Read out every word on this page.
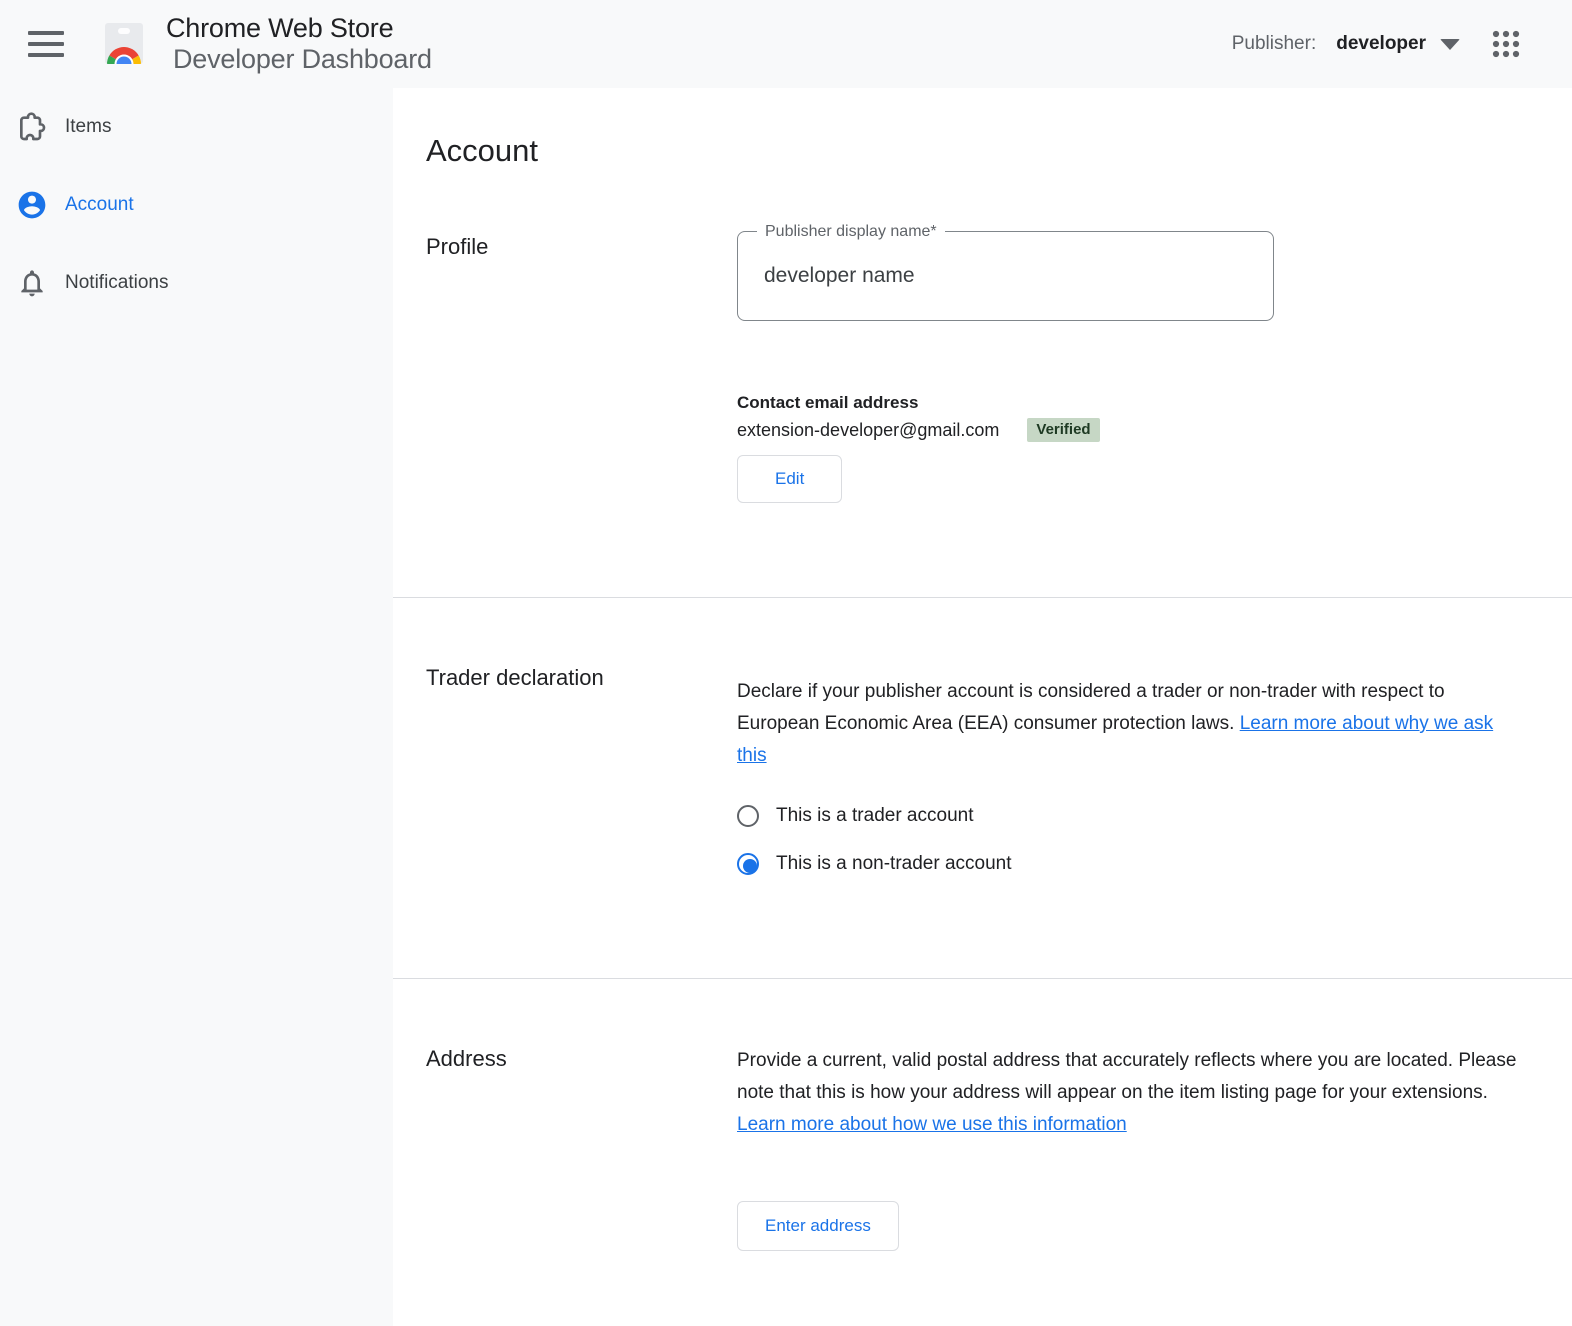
Chrome Web Store
Developer Dashboard
Publisher: developer
Items
Account
Notifications
Account
Profile
Publisher display name*
developer name
Contact email address
extension-developer@gmail.com	Verified
Edit
Trader declaration

Declare if your publisher account is considered a trader or non-trader with respect to European Economic Area (EEA) consumer protection laws. Learn more about why we ask this

This is a trader account
This is a non-trader account
Address	Provide a current, valid postal address that accurately reflects where you are located. Please note that this is how your address will appear on the item listing page for your extensions. Learn more about how we use this information

Enter address
